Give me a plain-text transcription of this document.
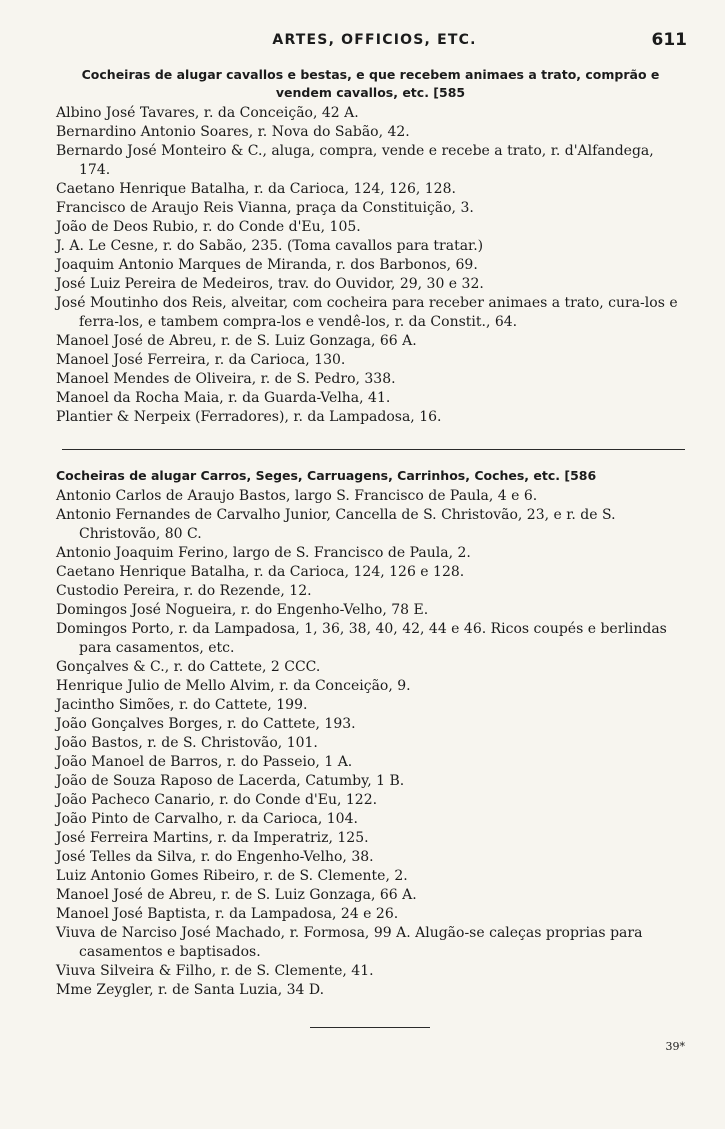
ARTES, OFFICIOS, ETC.	611
Cocheiras de alugar cavallos e bestas, e que recebem animaes a trato, comprão e vendem cavallos, etc. [585
Albino José Tavares, r. da Conceição, 42 A.
Bernardino Antonio Soares, r. Nova do Sabão, 42.
Bernardo José Monteiro & C., aluga, compra, vende e recebe a trato, r. d'Alfandega, 174.
Caetano Henrique Batalha, r. da Carioca, 124, 126, 128.
Francisco de Araujo Reis Vianna, praça da Constituição, 3.
João de Deos Rubio, r. do Conde d'Eu, 105.
J. A. Le Cesne, r. do Sabão, 235. (Toma cavallos para tratar.)
Joaquim Antonio Marques de Miranda, r. dos Barbonos, 69.
José Luiz Pereira de Medeiros, trav. do Ouvidor, 29, 30 e 32.
José Moutinho dos Reis, alveitar, com cocheira para receber animaes a trato, cura-los e ferra-los, e tambem compra-los e vendê-los, r. da Constit., 64.
Manoel José de Abreu, r. de S. Luiz Gonzaga, 66 A.
Manoel José Ferreira, r. da Carioca, 130.
Manoel Mendes de Oliveira, r. de S. Pedro, 338.
Manoel da Rocha Maia, r. da Guarda-Velha, 41.
Plantier & Nerpeix (Ferradores), r. da Lampadosa, 16.
Cocheiras de alugar Carros, Seges, Carruagens, Carrinhos, Coches, etc. [586
Antonio Carlos de Araujo Bastos, largo S. Francisco de Paula, 4 e 6.
Antonio Fernandes de Carvalho Junior, Cancella de S. Christovão, 23, e r. de S. Christovão, 80 C.
Antonio Joaquim Ferino, largo de S. Francisco de Paula, 2.
Caetano Henrique Batalha, r. da Carioca, 124, 126 e 128.
Custodio Pereira, r. do Rezende, 12.
Domingos José Nogueira, r. do Engenho-Velho, 78 E.
Domingos Porto, r. da Lampadosa, 1, 36, 38, 40, 42, 44 e 46. Ricos coupés e berlindas para casamentos, etc.
Gonçalves & C., r. do Cattete, 2 CCC.
Henrique Julio de Mello Alvim, r. da Conceição, 9.
Jacintho Simões, r. do Cattete, 199.
João Gonçalves Borges, r. do Cattete, 193.
João Bastos, r. de S. Christovão, 101.
João Manoel de Barros, r. do Passeio, 1 A.
João de Souza Raposo de Lacerda, Catumby, 1 B.
João Pacheco Canario, r. do Conde d'Eu, 122.
João Pinto de Carvalho, r. da Carioca, 104.
José Ferreira Martins, r. da Imperatriz, 125.
José Telles da Silva, r. do Engenho-Velho, 38.
Luiz Antonio Gomes Ribeiro, r. de S. Clemente, 2.
Manoel José de Abreu, r. de S. Luiz Gonzaga, 66 A.
Manoel José Baptista, r. da Lampadosa, 24 e 26.
Viuva de Narciso José Machado, r. Formosa, 99 A. Alugão-se caleças proprias para casamentos e baptisados.
Viuva Silveira & Filho, r. de S. Clemente, 41.
Mme Zeygler, r. de Santa Luzia, 34 D.
39*
